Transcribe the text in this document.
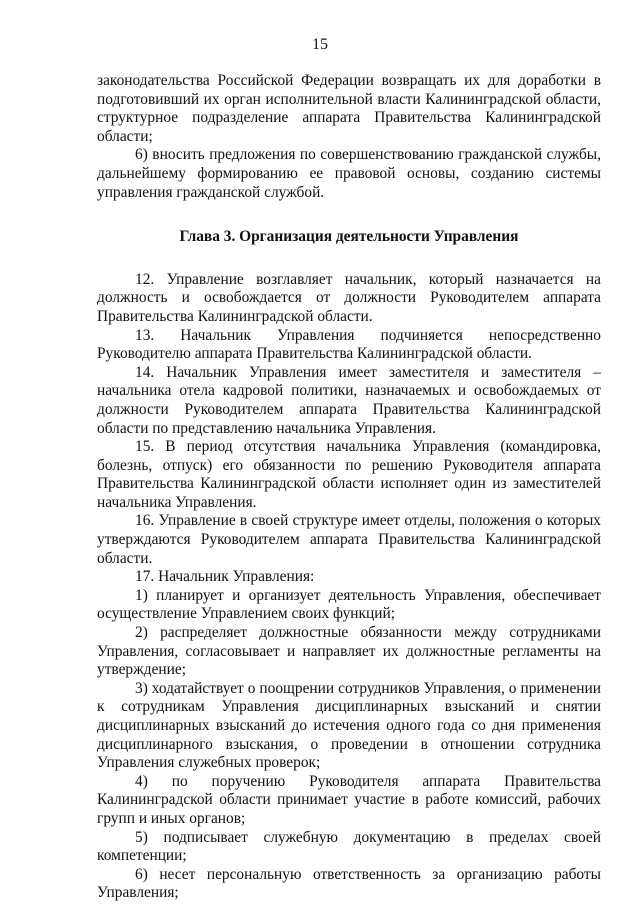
15

законодательства Российской Федерации возвращать их для доработки в подготовивший их орган исполнительной власти Калининградской области, структурное подразделение аппарата Правительства Калининградской области;

6) вносить предложения по совершенствованию гражданской службы, дальнейшему формированию ее правовой основы, созданию системы управления гражданской службой.

Глава 3. Организация деятельности Управления

12. Управление возглавляет начальник, который назначается на должность и освобождается от должности Руководителем аппарата Правительства Калининградской области.

13. Начальник Управления подчиняется непосредственно Руководителю аппарата Правительства Калининградской области.

14. Начальник Управления имеет заместителя и заместителя – начальника отела кадровой политики, назначаемых и освобождаемых от должности Руководителем аппарата Правительства Калининградской области по представлению начальника Управления.

15. В период отсутствия начальника Управления (командировка, болезнь, отпуск) его обязанности по решению Руководителя аппарата Правительства Калининградской области исполняет один из заместителей начальника Управления.

16. Управление в своей структуре имеет отделы, положения о которых утверждаются Руководителем аппарата Правительства Калининградской области.

17. Начальник Управления:

1) планирует и организует деятельность Управления, обеспечивает осуществление Управлением своих функций;

2) распределяет должностные обязанности между сотрудниками Управления, согласовывает и направляет их должностные регламенты на утверждение;

3) ходатайствует о поощрении сотрудников Управления, о применении к сотрудникам Управления дисциплинарных взысканий и снятии дисциплинарных взысканий до истечения одного года со дня применения дисциплинарного взыскания, о проведении в отношении сотрудника Управления служебных проверок;

4) по поручению Руководителя аппарата Правительства Калининградской области принимает участие в работе комиссий, рабочих групп и иных органов;

5) подписывает служебную документацию в пределах своей компетенции;

6) несет персональную ответственность за организацию работы Управления;
